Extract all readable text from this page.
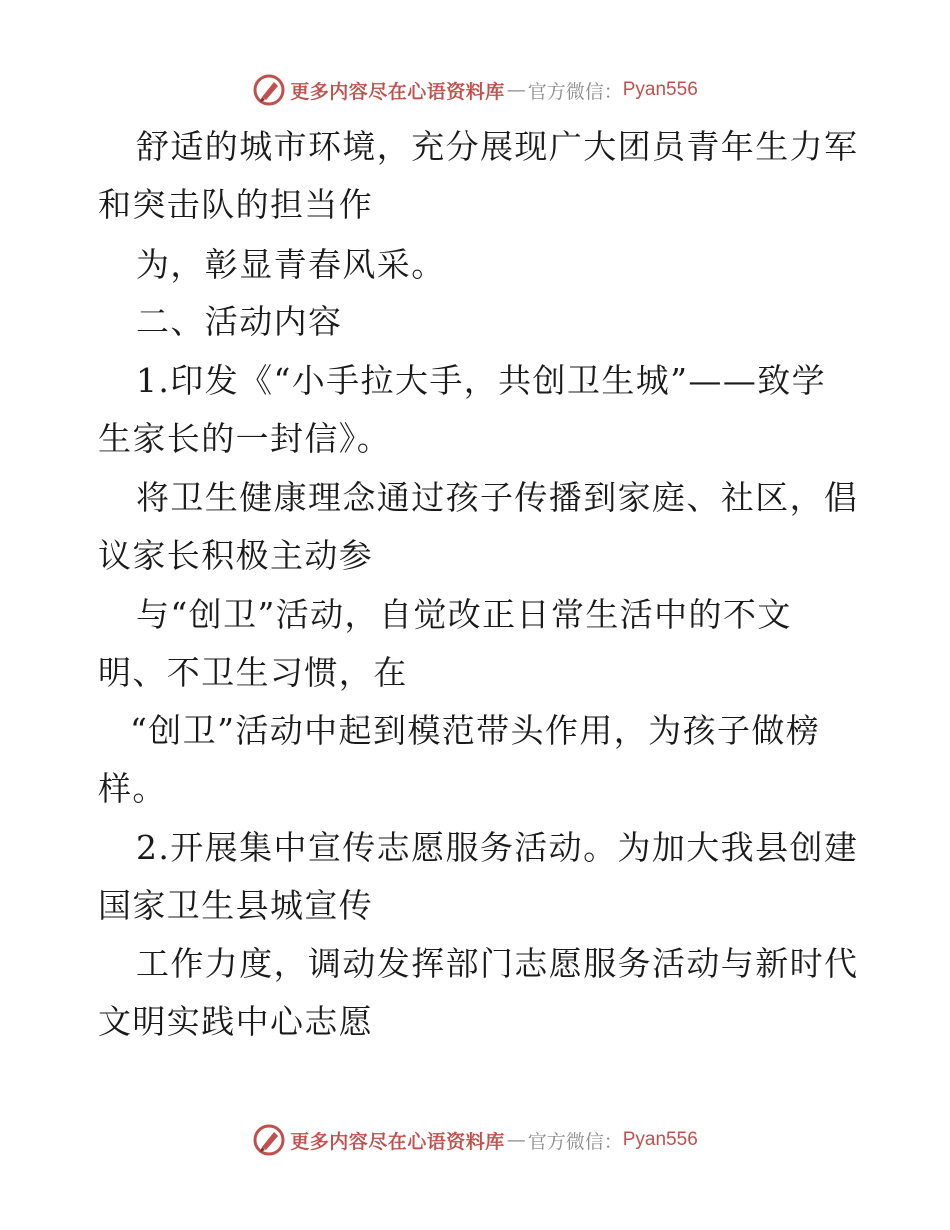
更多内容尽在心语资料库 — 官方微信： Pyan556
舒适的城市环境，充分展现广大团员青年生力军
和突击队的担当作
为，彰显青春风采。
二、活动内容
1.印发《“小手拉大手，共创卫生城”——致学
生家长的一封信》。
将卫生健康理念通过孩子传播到家庭、社区，倡
议家长积极主动参
与“创卫”活动，自觉改正日常生活中的不文
明、不卫生习惯，在
“创卫”活动中起到模范带头作用，为孩子做榜
样。
2.开展集中宣传志愿服务活动。为加大我县创建
国家卫生县城宣传
工作力度，调动发挥部门志愿服务活动与新时代
文明实践中心志愿
更多内容尽在心语资料库 — 官方微信： Pyan556
